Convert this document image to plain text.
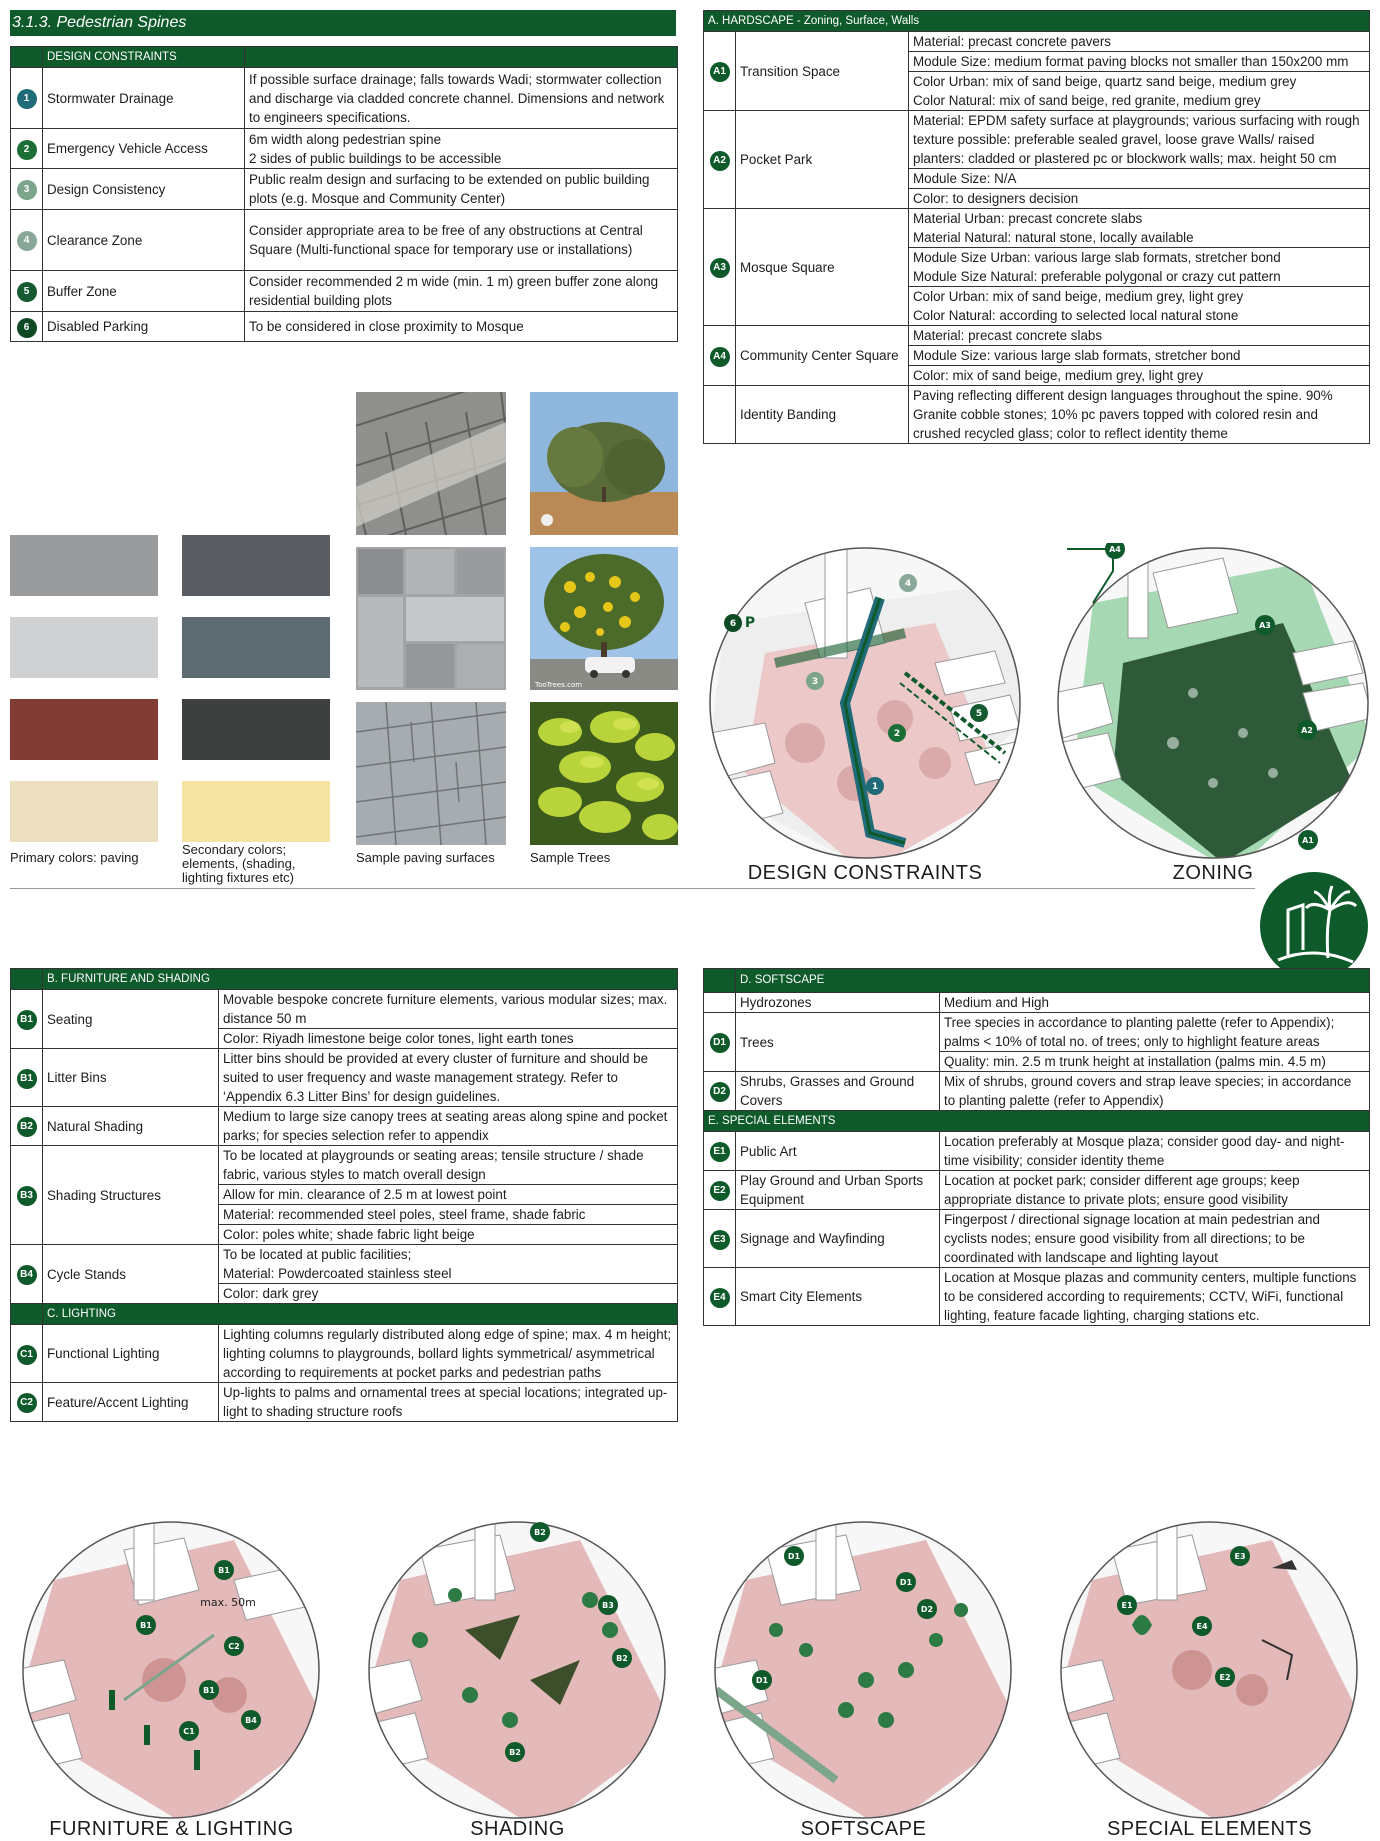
3.1.3. Pedestrian Spines
	DESIGN CONSTRAINTS	
1	Stormwater Drainage	If possible surface drainage; falls towards Wadi; stormwater collection and discharge via cladded concrete channel. Dimensions and network to engineers specifications.
2	Emergency Vehicle Access	6m width along pedestrian spine
2 sides of public buildings to be accessible
3	Design Consistency	Public realm design and surfacing to be extended on public building plots (e.g. Mosque and Community Center)
4	Clearance Zone	Consider appropriate area to be free of any obstructions at Central Square (Multi-functional space for temporary use or installations)
5	Buffer Zone	Consider recommended 2 m wide (min. 1 m) green buffer zone along residential building plots
6	Disabled Parking	To be considered in close proximity to Mosque
A. HARDSCAPE - Zoning, Surface, Walls		
A1	Transition Space	Material: precast concrete pavers
		Module Size: medium format paving blocks not smaller than 150x200 mm
		Color Urban: mix of sand beige, quartz sand beige, medium grey
Color Natural: mix of sand beige, red granite, medium grey
A2	Pocket Park	Material: EPDM safety surface at playgrounds; various surfacing with rough texture possible: preferable sealed gravel, loose grave Walls/ raised planters: cladded or plastered pc or blockwork walls; max. height 50 cm
		Module Size: N/A
		Color: to designers decision
A3	Mosque Square	Material Urban: precast concrete slabs
Material Natural: natural stone, locally available
		Module Size Urban: various large slab formats, stretcher bond
Module Size Natural: preferable polygonal or crazy cut pattern
		Color Urban: mix of sand beige, medium grey, light grey
Color Natural: according to selected local natural stone
A4	Community Center Square	Material: precast concrete slabs
		Module Size: various large slab formats, stretcher bond
		Color: mix of sand beige, medium grey, light grey
	Identity Banding	Paving reflecting different design languages throughout the spine. 90% Granite cobble stones; 10% pc pavers topped with colored resin and crushed recycled glass; color to reflect identity theme
Primary colors: paving
Secondary colors; elements, (shading, lighting fixtures etc)
Sample paving surfaces
TooTrees.com
Sample Trees
1
2
3
4
5
6 P
DESIGN CONSTRAINTS
A1
A2
A3
A4
ZONING
	B. FURNITURE AND SHADING	
B1	Seating	Movable bespoke concrete furniture elements, various modular sizes; max. distance 50 m
		Color: Riyadh limestone beige color tones, light earth tones
B1	Litter Bins	Litter bins should be provided at every cluster of furniture and should be suited to user frequency and waste management strategy. Refer to ‘Appendix 6.3 Litter Bins’ for design guidelines.
B2	Natural Shading	Medium to large size canopy trees at seating areas along spine and pocket parks; for species selection refer to appendix
B3	Shading Structures	To be located at playgrounds or seating areas; tensile structure / shade fabric, various styles to match overall design
		Allow for min. clearance of 2.5 m at lowest point
		Material: recommended steel poles, steel frame, shade fabric
		Color: poles white; shade fabric light beige
B4	Cycle Stands	To be located at public facilities;
Material: Powdercoated stainless steel
		Color: dark grey
	C. LIGHTING	
C1	Functional Lighting	Lighting columns regularly distributed along edge of spine; max. 4 m height; lighting columns to playgrounds, bollard lights symmetrical/ asymmetrical according to requirements at pocket parks and pedestrian paths
C2	Feature/Accent Lighting	Up-lights to palms and ornamental trees at special locations; integrated up-light to shading structure roofs
	D. SOFTSCAPE	
	Hydrozones	Medium and High
D1	Trees	Tree species in accordance to planting palette (refer to Appendix); palms < 10% of total no. of trees; only to highlight feature areas
		Quality: min. 2.5 m trunk height at installation (palms min. 4.5 m)
D2	Shrubs, Grasses and Ground Covers	Mix of shrubs, ground covers and strap leave species; in accordance to planting palette (refer to Appendix)
E. SPECIAL ELEMENTS		
E1	Public Art	Location preferably at Mosque plaza; consider good day- and night-time visibility; consider identity theme
E2	Play Ground and Urban Sports Equipment	Location at pocket park; consider different age groups; keep appropriate distance to private plots; ensure good visibility
E3	Signage and Wayfinding	Fingerpost / directional signage location at main pedestrian and cyclists nodes; ensure good visibility from all directions; to be coordinated with landscape and lighting layout
E4	Smart City Elements	Location at Mosque plazas and community centers, multiple functions to be considered according to requirements; CCTV, WiFi, functional lighting, feature facade lighting, charging stations etc.
B1
B1
B1
B4
C1
C2
max. 50m
FURNITURE & LIGHTING
B2
B3
B2
B2
SHADING
D1
D1
D1
D2
SOFTSCAPE
E1
E2
E3
E4
SPECIAL ELEMENTS
